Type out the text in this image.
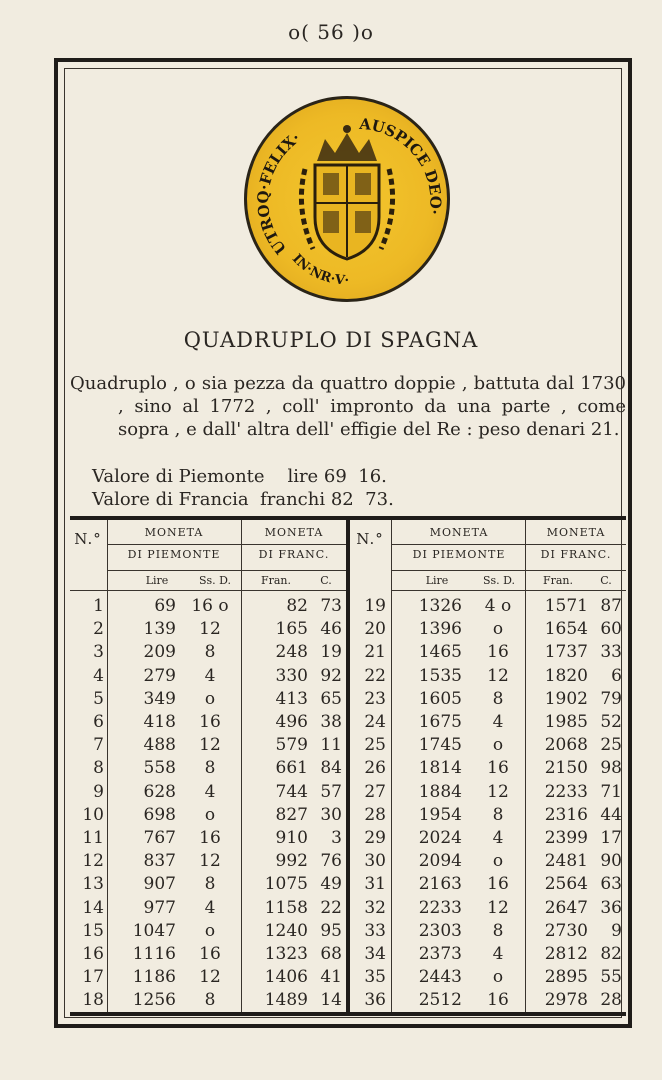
o( 56 )o
UTROQ·FELIX·
AUSPICE DEO·
IN·NR·V·
QUADRUPLO DI SPAGNA
Quadruplo , o sia pezza da quattro doppie , battuta dal 1730 , sino al 1772 , coll' impronto da una parte , come sopra , e dall' altra dell' effigie del Re : peso denari 21.
Valore di Piemonte    lire 69  16.
Valore di Francia  franchi 82  73.
N.°	MONETA
DI PIEMONTE
MONETA
DI FRANC.
N.°	MONETA
DI PIEMONTE
MONETA
DI FRANC.
Lire	Ss. D.	Fran.	C.	Lire	Ss. D.	Fran.	C.
1	69 16 o	82 73
2	139	12	165 46
3	209	8	248 19
4	279	4	330 92
5	349	o	413 65
6	418	16	496 38
7	488	12	579 11
8	558	8	661 84
9	628	4	744 57
10	698	o	827 30
11	767	16	910	3
12	837	12	992 76
13	907	8	1075 49
14	977	4	1158 22
15	1047	o	1240 95
16	1116	16	1323 68
17	1186	12	1406 41
18	1256	8	1489 14
19	1326	4 o	1571 87
20	1396	o	1654 60
21	1465	16	1737 33
22	1535	12	1820	6
23	1605	8	1902 79
24	1675	4	1985 52
25	1745	o	2068 25
26	1814	16	2150 98
27	1884	12	2233 71
28	1954	8	2316 44
29	2024	4	2399 17
30	2094	o	2481 90
31	2163	16	2564 63
32	2233	12	2647 36
33	2303	8	2730	9
34	2373	4	2812 82
35	2443	o	2895 55
36	2512	16	2978 28
